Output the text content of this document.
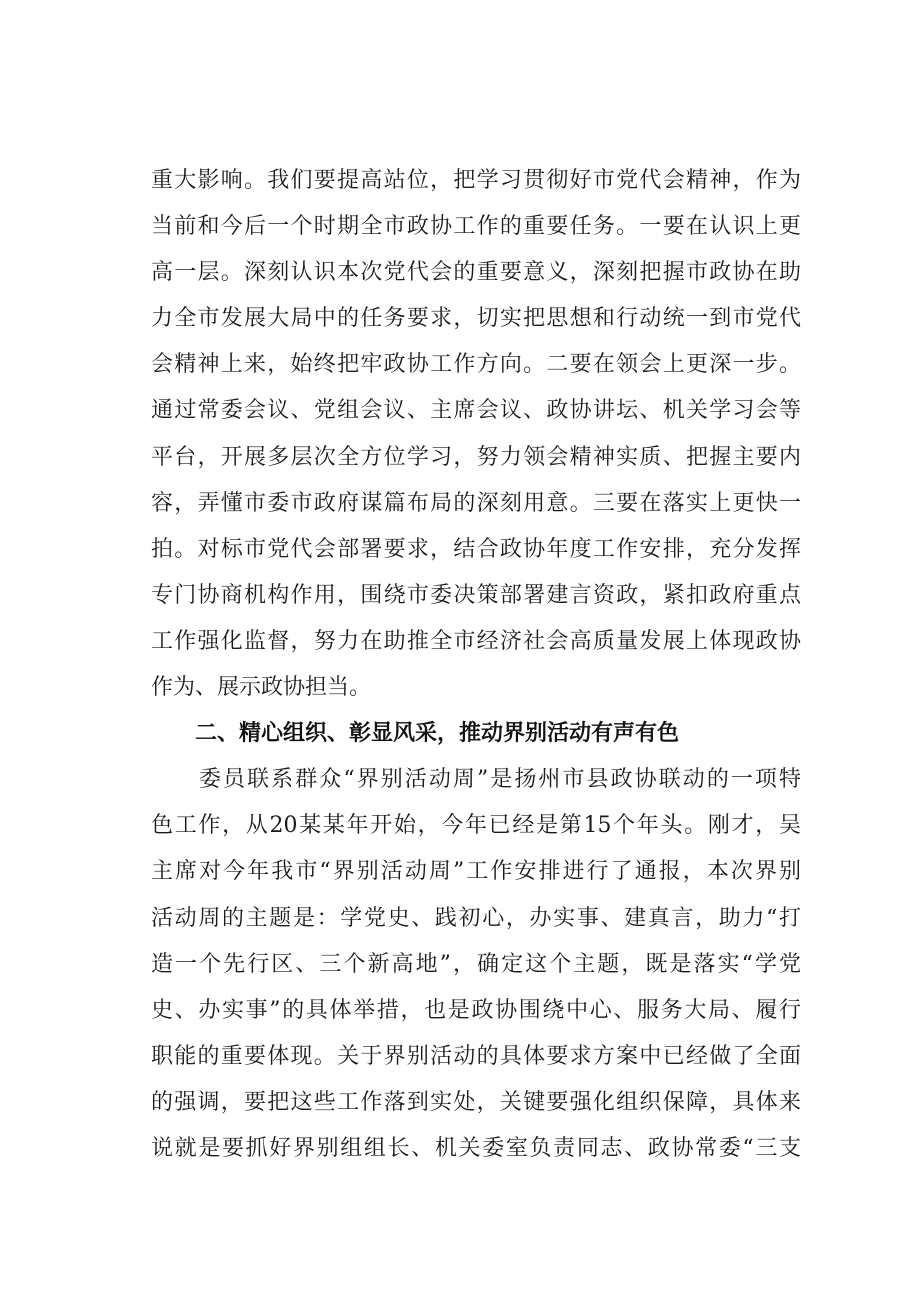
重大影响。我们要提高站位，把学习贯彻好市党代会精神，作为
当前和今后一个时期全市政协工作的重要任务。一要在认识上更
高一层。深刻认识本次党代会的重要意义，深刻把握市政协在助
力全市发展大局中的任务要求，切实把思想和行动统一到市党代
会精神上来，始终把牢政协工作方向。二要在领会上更深一步。
通过常委会议、党组会议、主席会议、政协讲坛、机关学习会等
平台，开展多层次全方位学习，努力领会精神实质、把握主要内
容，弄懂市委市政府谋篇布局的深刻用意。三要在落实上更快一
拍。对标市党代会部署要求，结合政协年度工作安排，充分发挥
专门协商机构作用，围绕市委决策部署建言资政，紧扣政府重点
工作强化监督，努力在助推全市经济社会高质量发展上体现政协
作为、展示政协担当。
二、精心组织、彰显风采，推动界别活动有声有色
委员联系群众“界别活动周”是扬州市县政协联动的一项特
色工作，从20某某年开始，今年已经是第15个年头。刚才，吴
主席对今年我市“界别活动周”工作安排进行了通报，本次界别
活动周的主题是：学党史、践初心，办实事、建真言，助力“打
造一个先行区、三个新高地”，确定这个主题，既是落实“学党
史、办实事”的具体举措，也是政协围绕中心、服务大局、履行
职能的重要体现。关于界别活动的具体要求方案中已经做了全面
的强调，要把这些工作落到实处，关键要强化组织保障，具体来
说就是要抓好界别组组长、机关委室负责同志、政协常委“三支
